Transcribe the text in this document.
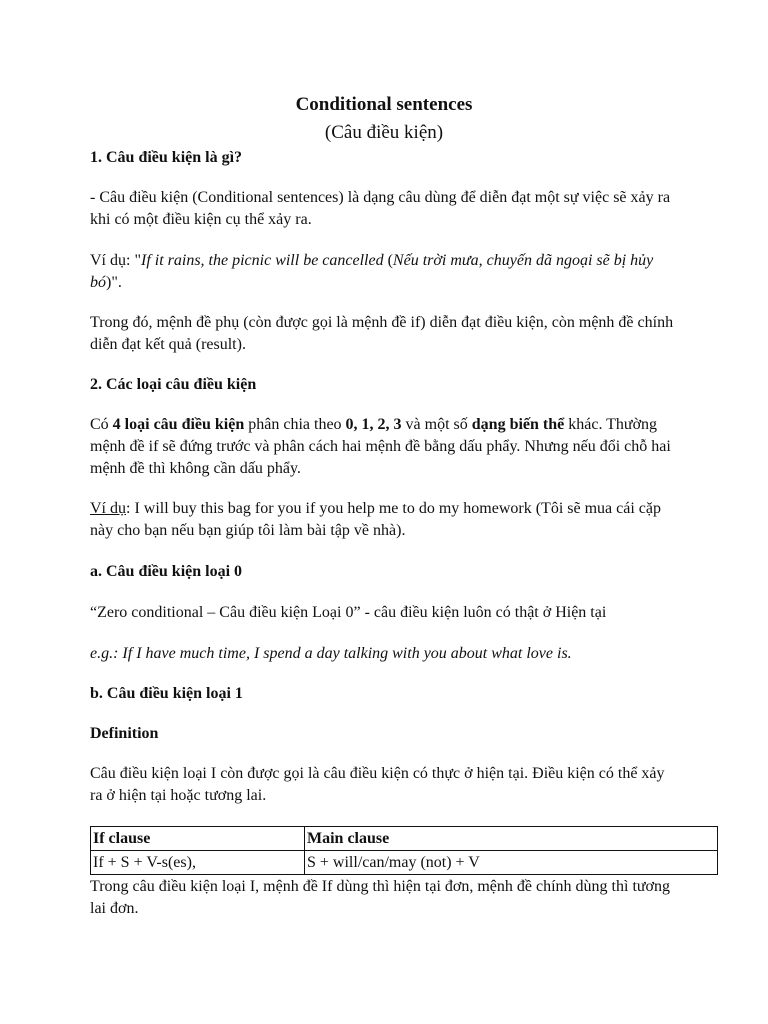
Conditional sentences

(Câu điều kiện)

1. Câu điều kiện là gì?

- Câu điều kiện (Conditional sentences) là dạng câu dùng để diễn đạt một sự việc sẽ xảy ra khi có một điều kiện cụ thể xảy ra.

Ví dụ: "If it rains, the picnic will be cancelled (Nếu trời mưa, chuyến dã ngoại sẽ bị hủy bó)".

Trong đó, mệnh đề phụ (còn được gọi là mệnh đề if) diễn đạt điều kiện, còn mệnh đề chính diễn đạt kết quả (result).

2. Các loại câu điều kiện

Có 4 loại câu điều kiện phân chia theo 0, 1, 2, 3 và một số dạng biến thể khác. Thường mệnh đề if sẽ đứng trước và phân cách hai mệnh đề bằng dấu phẩy. Nhưng nếu đổi chỗ hai mệnh đề thì không cần dấu phẩy.

Ví dụ: I will buy this bag for you if you help me to do my homework (Tôi sẽ mua cái cặp này cho bạn nếu bạn giúp tôi làm bài tập về nhà).

a. Câu điều kiện loại 0

“Zero conditional – Câu điều kiện Loại 0” - câu điều kiện luôn có thật ở Hiện tại

e.g.: If I have much time, I spend a day talking with you about what love is.

b. Câu điều kiện loại 1

Definition

Câu điều kiện loại I còn được gọi là câu điều kiện có thực ở hiện tại. Điều kiện có thể xảy ra ở hiện tại hoặc tương lai.

If clause	Main clause
If + S + V-s(es),	S + will/can/may (not) + V

Trong câu điều kiện loại I, mệnh đề If dùng thì hiện tại đơn, mệnh đề chính dùng thì tương lai đơn.
